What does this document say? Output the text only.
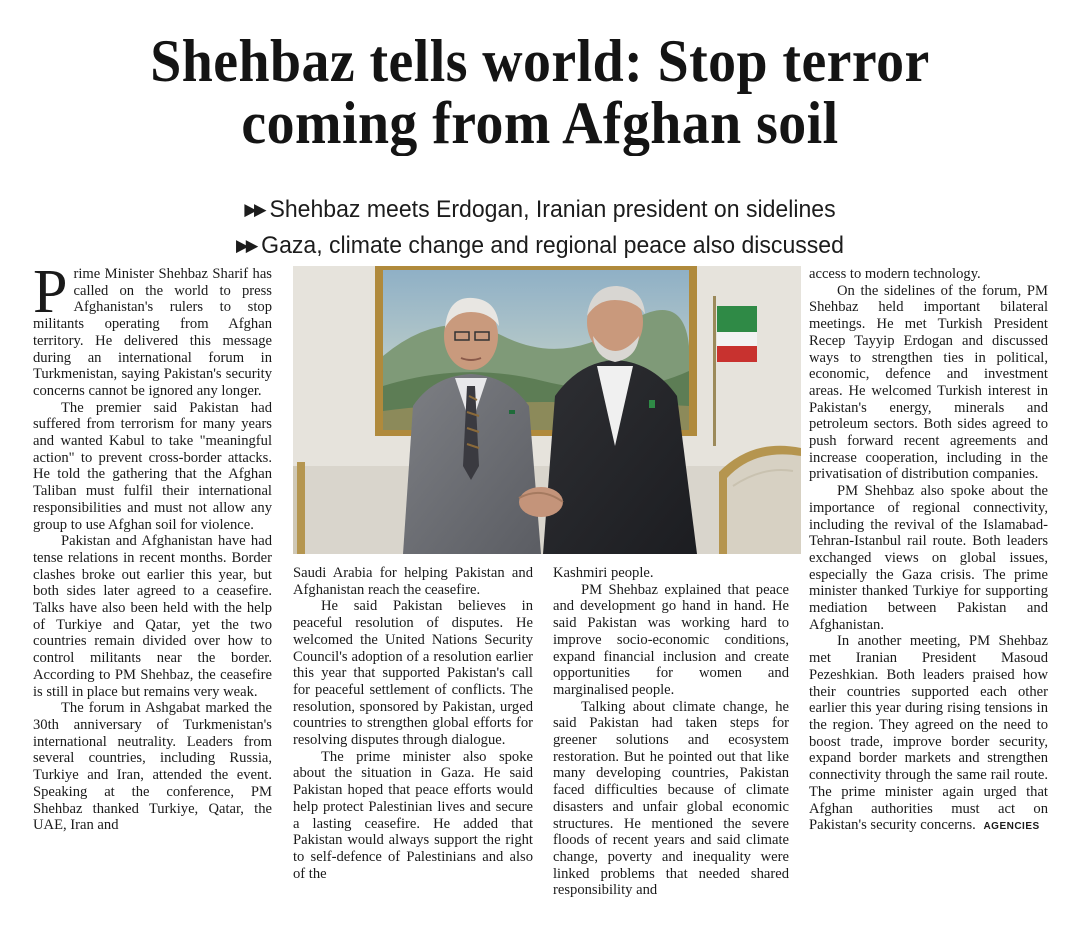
Shehbaz tells world: Stop terror
coming from Afghan soil
▶▶ Shehbaz meets Erdogan, Iranian president on sidelines
▶▶ Gaza, climate change and regional peace also discussed

Prime Minister Shehbaz Sharif has called on the world to press Afghanistan's rulers to stop militants operating from Afghan territory. He delivered this message during an international forum in Turkmenistan, saying Pakistan's security concerns cannot be ignored any longer.

The premier said Pakistan had suffered from terrorism for many years and wanted Kabul to take "meaningful action" to prevent cross-border attacks. He told the gathering that the Afghan Taliban must fulfil their international responsibilities and must not allow any group to use Afghan soil for violence.

Pakistan and Afghanistan have had tense relations in recent months. Border clashes broke out earlier this year, but both sides later agreed to a ceasefire. Talks have also been held with the help of Turkiye and Qatar, yet the two countries remain divided over how to control militants near the border. According to PM Shehbaz, the ceasefire is still in place but remains very weak.

The forum in Ashgabat marked the 30th anniversary of Turkmenistan's international neutrality. Leaders from several countries, including Russia, Turkiye and Iran, attended the event. Speaking at the conference, PM Shehbaz thanked Turkiye, Qatar, the UAE, Iran and

Saudi Arabia for helping Pakistan and Afghanistan reach the ceasefire.

He said Pakistan believes in peaceful resolution of disputes. He welcomed the United Nations Security Council's adoption of a resolution earlier this year that supported Pakistan's call for peaceful settlement of conflicts. The resolution, sponsored by Pakistan, urged countries to strengthen global efforts for resolving disputes through dialogue.

The prime minister also spoke about the situation in Gaza. He said Pakistan hoped that peace efforts would help protect Palestinian lives and secure a lasting ceasefire. He added that Pakistan would always support the right to self-defence of Palestinians and also of the

Kashmiri people.

PM Shehbaz explained that peace and development go hand in hand. He said Pakistan was working hard to improve socio-economic conditions, expand financial inclusion and create opportunities for women and marginalised people.

Talking about climate change, he said Pakistan had taken steps for greener solutions and ecosystem restoration. But he pointed out that like many developing countries, Pakistan faced difficulties because of climate disasters and unfair global economic structures. He mentioned the severe floods of recent years and said climate change, poverty and inequality were linked problems that needed shared responsibility and

access to modern technology.

On the sidelines of the forum, PM Shehbaz held important bilateral meetings. He met Turkish President Recep Tayyip Erdogan and discussed ways to strengthen ties in political, economic, defence and investment areas. He welcomed Turkish interest in Pakistan's energy, minerals and petroleum sectors. Both sides agreed to push forward recent agreements and increase cooperation, including in the privatisation of distribution companies.

PM Shehbaz also spoke about the importance of regional connectivity, including the revival of the Islamabad-Tehran-Istanbul rail route. Both leaders exchanged views on global issues, especially the Gaza crisis. The prime minister thanked Turkiye for supporting mediation between Pakistan and Afghanistan.

In another meeting, PM Shehbaz met Iranian President Masoud Pezeshkian. Both leaders praised how their countries supported each other earlier this year during rising tensions in the region. They agreed on the need to boost trade, improve border security, expand border markets and strengthen connectivity through the same rail route. The prime minister again urged that Afghan authorities must act on Pakistan's security concerns. AGENCIES
